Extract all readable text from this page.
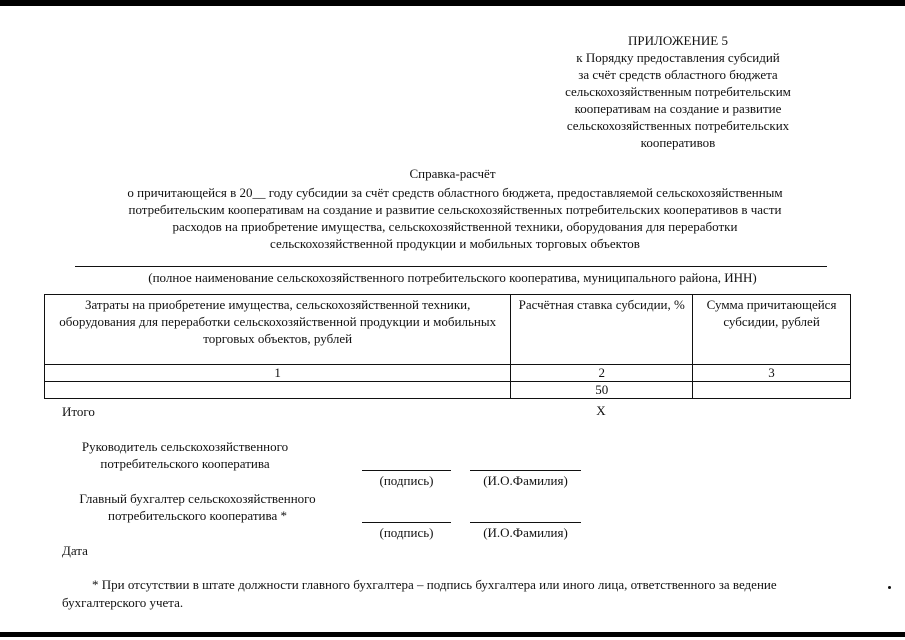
ПРИЛОЖЕНИЕ 5
к Порядку предоставления субсидий
за счёт средств областного бюджета
сельскохозяйственным потребительским
кооперативам на создание и развитие
сельскохозяйственных потребительских
кооперативов
Справка-расчёт
о причитающейся в 20__ году субсидии за счёт средств областного бюджета, предоставляемой сельскохозяйственным
потребительским кооперативам на создание и развитие сельскохозяйственных потребительских кооперативов в части
расходов на приобретение имущества, сельскохозяйственной техники, оборудования для переработки
сельскохозяйственной продукции и мобильных торговых объектов
(полное наименование сельскохозяйственного потребительского кооператива, муниципального района, ИНН)
Затраты на приобретение имущества, сельскохозяйственной техники, оборудования для переработки сельскохозяйственной продукции и мобильных торговых объектов, рублей	Расчётная ставка субсидии, %	Сумма причитающейся субсидии, рублей
1	2	3
	50	
Итого	Х
Руководитель сельскохозяйственного
потребительского кооператива
(подпись)	(И.О.Фамилия)
Главный бухгалтер сельскохозяйственного
потребительского кооператива *
(подпись)	(И.О.Фамилия)
Дата
* При отсутствии в штате должности главного бухгалтера – подпись бухгалтера или иного лица, ответственного за ведение бухгалтерского учета.
